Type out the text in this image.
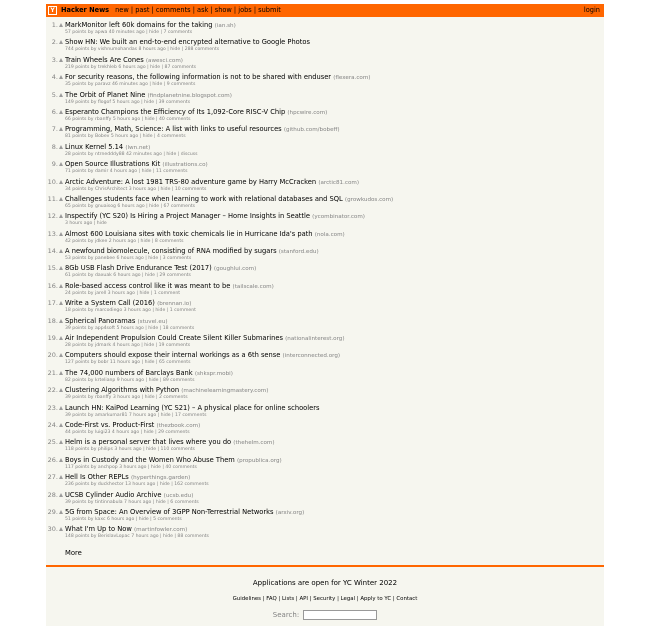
Y Hacker News new | past | comments | ask | show | jobs | submit	login
1. MarkMonitor left 60k domains for the taking (ian.sh)
57 points by apwa 40 minutes ago | hide | 7 comments
2. Show HN: We built an end-to-end encrypted alternative to Google Photos
744 points by vishnumohandas 8 hours ago | hide | 288 comments
3. Train Wheels Are Cones (awesci.com)
219 points by trekhleb 6 hours ago | hide | 87 comments
4. For security reasons, the following information is not to be shared with enduser (flexera.com)
35 points by paravz 46 minutes ago | hide | 9 comments
5. The Orbit of Planet Nine (findplanetnine.blogspot.com)
149 points by flogof 5 hours ago | hide | 39 comments
6. Esperanto Champions the Efficiency of Its 1,092-Core RISC-V Chip (hpcwire.com)
66 points by rbanffy 5 hours ago | hide | 40 comments
7. Programming, Math, Science: A list with links to useful resources (github.com/bobeff)
81 points by Bobev 5 hours ago | hide | 4 comments
8. Linux Kernel 5.14 (lwn.net)
28 points by ntrnedddy88 42 minutes ago | hide | discuss
9. Open Source Illustrations Kit (illustrations.co)
71 points by damir 4 hours ago | hide | 11 comments
10. Arctic Adventure: A lost 1981 TRS-80 adventure game by Harry McCracken (arctic81.com)
34 points by ChrisArchitect 3 hours ago | hide | 10 comments
11. Challenges students face when learning to work with relational databases and SQL (growkudos.com)
65 points by gnuaisog 6 hours ago | hide | 67 comments
12. Inspectify (YC S20) Is Hiring a Project Manager – Home Insights in Seattle (ycombinator.com)
3 hours ago | hide
13. Almost 600 Louisiana sites with toxic chemicals lie in Hurricane Ida's path (nola.com)
42 points by jdkee 2 hours ago | hide | 8 comments
14. A newfound biomolecule, consisting of RNA modified by sugars (stanford.edu)
53 points by panebee 6 hours ago | hide | 3 comments
15. 8Gb USB Flash Drive Endurance Test (2017) (goughlui.com)
61 points by daxuak 6 hours ago | hide | 29 comments
16. Role-based access control like it was meant to be (tailscale.com)
24 points by jarell 3 hours ago | hide | 1 comment
17. Write a System Call (2016) (brennan.io)
18 points by marcodiego 3 hours ago | hide | 1 comment
18. Spherical Panoramas (stuvel.eu)
39 points by app4soft 5 hours ago | hide | 18 comments
19. Air Independent Propulsion Could Create Silent Killer Submarines (nationalinterest.org)
28 points by jdmark 4 hours ago | hide | 19 comments
20. Computers should expose their internal workings as a 6th sense (interconnected.org)
127 points by bobr 11 hours ago | hide | 65 comments
21. The 74,000 numbers of Barclays Bank (shkspr.mobi)
82 points by krtelianp 9 hours ago | hide | 89 comments
22. Clustering Algorithms with Python (machinelearningmastery.com)
39 points by rbanffy 3 hours ago | hide | 2 comments
23. Launch HN: KaiPod Learning (YC S21) – A physical place for online schoolers
39 points by amarkumar81 7 hours ago | hide | 17 comments
24. Code-First vs. Product-First (thezbook.com)
44 points by luigi23 4 hours ago | hide | 29 comments
25. Helm is a personal server that lives where you do (thehelm.com)
118 points by philips 3 hours ago | hide | 110 comments
26. Boys in Custody and the Women Who Abuse Them (propublica.org)
117 points by anchpop 3 hours ago | hide | 40 comments
27. Hell Is Other REPLs (hyperthings.garden)
236 points by duckhector 13 hours ago | hide | 162 comments
28. UCSB Cylinder Audio Archive (ucsb.edu)
39 points by tintinnabula 7 hours ago | hide | 6 comments
29. 5G from Space: An Overview of 3GPP Non-Terrestrial Networks (arxiv.org)
51 points by kaxc 6 hours ago | hide | 5 comments
30. What I'm Up to Now (martinfowler.com)
148 points by BerislavLopac 7 hours ago | hide | 88 comments
More
Applications are open for YC Winter 2022
Guidelines | FAQ | Lists | API | Security | Legal | Apply to YC | Contact
Search:
